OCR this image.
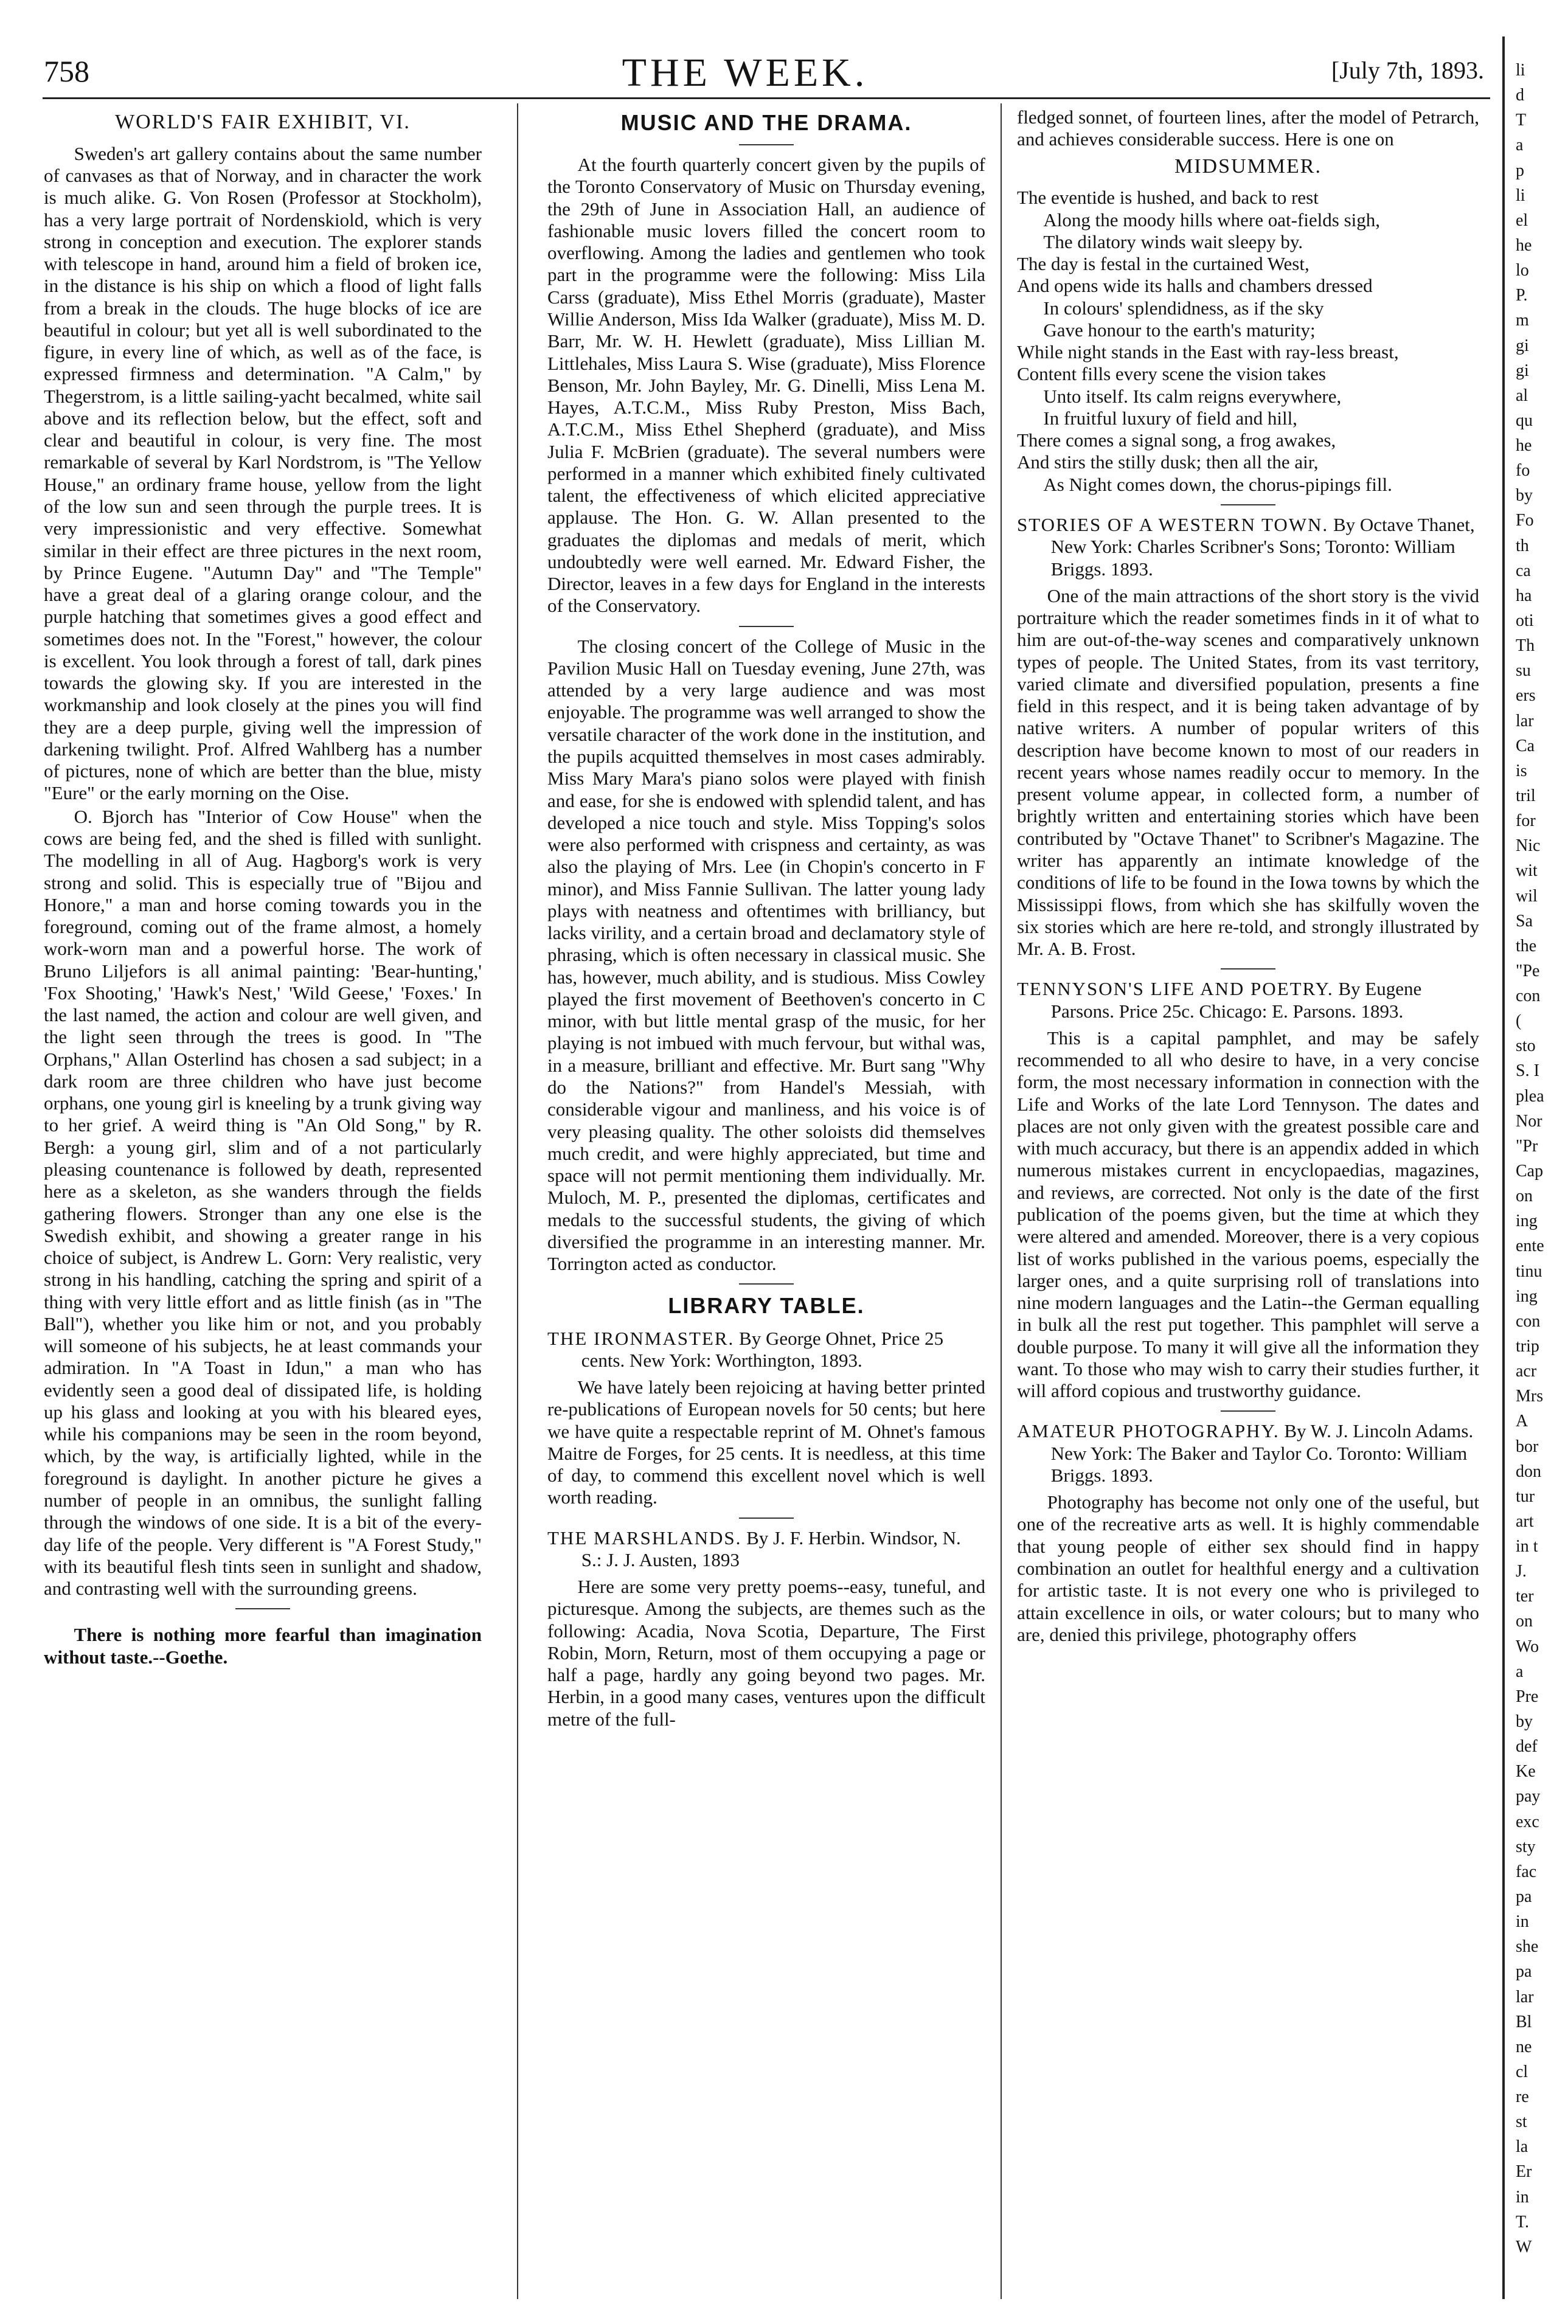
758	THE WEEK.	[July 7th, 1893.
WORLD'S FAIR EXHIBIT, VI.

Sweden's art gallery contains about the same number of canvases as that of Norway, and in character the work is much alike. G. Von Rosen (Professor at Stockholm), has a very large portrait of Nordenskiold, which is very strong in conception and execution. The explorer stands with telescope in hand, around him a field of broken ice, in the distance is his ship on which a flood of light falls from a break in the clouds. The huge blocks of ice are beautiful in colour; but yet all is well subordinated to the figure, in every line of which, as well as of the face, is expressed firmness and determination. "A Calm," by Thegerstrom, is a little sailing-yacht becalmed, white sail above and its reflection below, but the effect, soft and clear and beautiful in colour, is very fine. The most remarkable of several by Karl Nordstrom, is "The Yellow House," an ordinary frame house, yellow from the light of the low sun and seen through the purple trees. It is very impressionistic and very effective. Somewhat similar in their effect are three pictures in the next room, by Prince Eugene. "Autumn Day" and "The Temple" have a great deal of a glaring orange colour, and the purple hatching that sometimes gives a good effect and sometimes does not. In the "Forest," however, the colour is excellent. You look through a forest of tall, dark pines towards the glowing sky. If you are interested in the workmanship and look closely at the pines you will find they are a deep purple, giving well the impression of darkening twilight. Prof. Alfred Wahlberg has a number of pictures, none of which are better than the blue, misty "Eure" or the early morning on the Oise.

O. Bjorch has "Interior of Cow House" when the cows are being fed, and the shed is filled with sunlight. The modelling in all of Aug. Hagborg's work is very strong and solid. This is especially true of "Bijou and Honore," a man and horse coming towards you in the foreground, coming out of the frame almost, a homely work-worn man and a powerful horse. The work of Bruno Liljefors is all animal painting: 'Bear-hunting,' 'Fox Shooting,' 'Hawk's Nest,' 'Wild Geese,' 'Foxes.' In the last named, the action and colour are well given, and the light seen through the trees is good. In "The Orphans," Allan Osterlind has chosen a sad subject; in a dark room are three children who have just become orphans, one young girl is kneeling by a trunk giving way to her grief. A weird thing is "An Old Song," by R. Bergh: a young girl, slim and of a not particularly pleasing countenance is followed by death, represented here as a skeleton, as she wanders through the fields gathering flowers. Stronger than any one else is the Swedish exhibit, and showing a greater range in his choice of subject, is Andrew L. Gorn: Very realistic, very strong in his handling, catching the spring and spirit of a thing with very little effort and as little finish (as in "The Ball"), whether you like him or not, and you probably will someone of his subjects, he at least commands your admiration. In "A Toast in Idun," a man who has evidently seen a good deal of dissipated life, is holding up his glass and looking at you with his bleared eyes, while his companions may be seen in the room beyond, which, by the way, is artificially lighted, while in the foreground is daylight. In another picture he gives a number of people in an omnibus, the sunlight falling through the windows of one side. It is a bit of the every-day life of the people. Very different is "A Forest Study," with its beautiful flesh tints seen in sunlight and shadow, and contrasting well with the surrounding greens.

There is nothing more fearful than imagination without taste.--Goethe.
MUSIC AND THE DRAMA.

At the fourth quarterly concert given by the pupils of the Toronto Conservatory of Music on Thursday evening, the 29th of June in Association Hall, an audience of fashionable music lovers filled the concert room to overflowing. Among the ladies and gentlemen who took part in the programme were the following: Miss Lila Carss (graduate), Miss Ethel Morris (graduate), Master Willie Anderson, Miss Ida Walker (graduate), Miss M. D. Barr, Mr. W. H. Hewlett (graduate), Miss Lillian M. Littlehales, Miss Laura S. Wise (graduate), Miss Florence Benson, Mr. John Bayley, Mr. G. Dinelli, Miss Lena M. Hayes, A.T.C.M., Miss Ruby Preston, Miss Bach, A.T.C.M., Miss Ethel Shepherd (graduate), and Miss Julia F. McBrien (graduate). The several numbers were performed in a manner which exhibited finely cultivated talent, the effectiveness of which elicited appreciative applause. The Hon. G. W. Allan presented to the graduates the diplomas and medals of merit, which undoubtedly were well earned. Mr. Edward Fisher, the Director, leaves in a few days for England in the interests of the Conservatory.

The closing concert of the College of Music in the Pavilion Music Hall on Tuesday evening, June 27th, was attended by a very large audience and was most enjoyable. The programme was well arranged to show the versatile character of the work done in the institution, and the pupils acquitted themselves in most cases admirably. Miss Mary Mara's piano solos were played with finish and ease, for she is endowed with splendid talent, and has developed a nice touch and style. Miss Topping's solos were also performed with crispness and certainty, as was also the playing of Mrs. Lee (in Chopin's concerto in F minor), and Miss Fannie Sullivan. The latter young lady plays with neatness and oftentimes with brilliancy, but lacks virility, and a certain broad and declamatory style of phrasing, which is often necessary in classical music. She has, however, much ability, and is studious. Miss Cowley played the first movement of Beethoven's concerto in C minor, with but little mental grasp of the music, for her playing is not imbued with much fervour, but withal was, in a measure, brilliant and effective. Mr. Burt sang "Why do the Nations?" from Handel's Messiah, with considerable vigour and manliness, and his voice is of very pleasing quality. The other soloists did themselves much credit, and were highly appreciated, but time and space will not permit mentioning them individually. Mr. Muloch, M. P., presented the diplomas, certificates and medals to the successful students, the giving of which diversified the programme in an interesting manner. Mr. Torrington acted as conductor.

LIBRARY TABLE.
THE IRONMASTER. By George Ohnet, Price 25 cents. New York: Worthington, 1893.

We have lately been rejoicing at having better printed re-publications of European novels for 50 cents; but here we have quite a respectable reprint of M. Ohnet's famous Maitre de Forges, for 25 cents. It is needless, at this time of day, to commend this excellent novel which is well worth reading.

THE MARSHLANDS. By J. F. Herbin. Windsor, N. S.: J. J. Austen, 1893

Here are some very pretty poems--easy, tuneful, and picturesque. Among the subjects, are themes such as the following: Acadia, Nova Scotia, Departure, The First Robin, Morn, Return, most of them occupying a page or half a page, hardly any going beyond two pages. Mr. Herbin, in a good many cases, ventures upon the difficult metre of the full-

fledged sonnet, of fourteen lines, after the model of Petrarch, and achieves considerable success. Here is one on

MIDSUMMER.
The eventide is hushed, and back to rest
Along the moody hills where oat-fields sigh,
The dilatory winds wait sleepy by.
The day is festal in the curtained West,
And opens wide its halls and chambers dressed
In colours' splendidness, as if the sky
Gave honour to the earth's maturity;
While night stands in the East with ray-less breast,
Content fills every scene the vision takes
Unto itself. Its calm reigns everywhere,
In fruitful luxury of field and hill,
There comes a signal song, a frog awakes,
And stirs the stilly dusk; then all the air,
As Night comes down, the chorus-pipings fill.
STORIES OF A WESTERN TOWN. By Octave Thanet, New York: Charles Scribner's Sons; Toronto: William Briggs. 1893.

One of the main attractions of the short story is the vivid portraiture which the reader sometimes finds in it of what to him are out-of-the-way scenes and comparatively unknown types of people. The United States, from its vast territory, varied climate and diversified population, presents a fine field in this respect, and it is being taken advantage of by native writers. A number of popular writers of this description have become known to most of our readers in recent years whose names readily occur to memory. In the present volume appear, in collected form, a number of brightly written and entertaining stories which have been contributed by "Octave Thanet" to Scribner's Magazine. The writer has apparently an intimate knowledge of the conditions of life to be found in the Iowa towns by which the Mississippi flows, from which she has skilfully woven the six stories which are here re-told, and strongly illustrated by Mr. A. B. Frost.

TENNYSON'S LIFE AND POETRY. By Eugene Parsons. Price 25c. Chicago: E. Parsons. 1893.

This is a capital pamphlet, and may be safely recommended to all who desire to have, in a very concise form, the most necessary information in connection with the Life and Works of the late Lord Tennyson. The dates and places are not only given with the greatest possible care and with much accuracy, but there is an appendix added in which numerous mistakes current in encyclopaedias, magazines, and reviews, are corrected. Not only is the date of the first publication of the poems given, but the time at which they were altered and amended. Moreover, there is a very copious list of works published in the various poems, especially the larger ones, and a quite surprising roll of translations into nine modern languages and the Latin--the German equalling in bulk all the rest put together. This pamphlet will serve a double purpose. To many it will give all the information they want. To those who may wish to carry their studies further, it will afford copious and trustworthy guidance.

AMATEUR PHOTOGRAPHY. By W. J. Lincoln Adams. New York: The Baker and Taylor Co. Toronto: William Briggs. 1893.

Photography has become not only one of the useful, but one of the recreative arts as well. It is highly commendable that young people of either sex should find in happy combination an outlet for healthful energy and a cultivation for artistic taste. It is not every one who is privileged to attain excellence in oils, or water colours; but to many who are, denied this privilege, photography offers

li
d
T
a
p
li
el
he
lo
P.
m
gi
gi
al
qu
he
fo
by
Fo
th
ca
ha
oti
Th
su
ers
lar
Ca
is
tril
for
Nic
wit
wil
Sa
the
"Pe
con
(
sto
S. I
plea
Nor
"Pr
Cap
on
ing
ente
tinu
ing
con
trip
acr
Mrs
A
bor
don
tur
art
in t
J.
ter
on
Wo
a
Pre
by
def
Ke
pay
exc
sty
fac
pa
in
she
pa
lar
Bl
ne
cl
re
st
la
Er
in
T.
W
